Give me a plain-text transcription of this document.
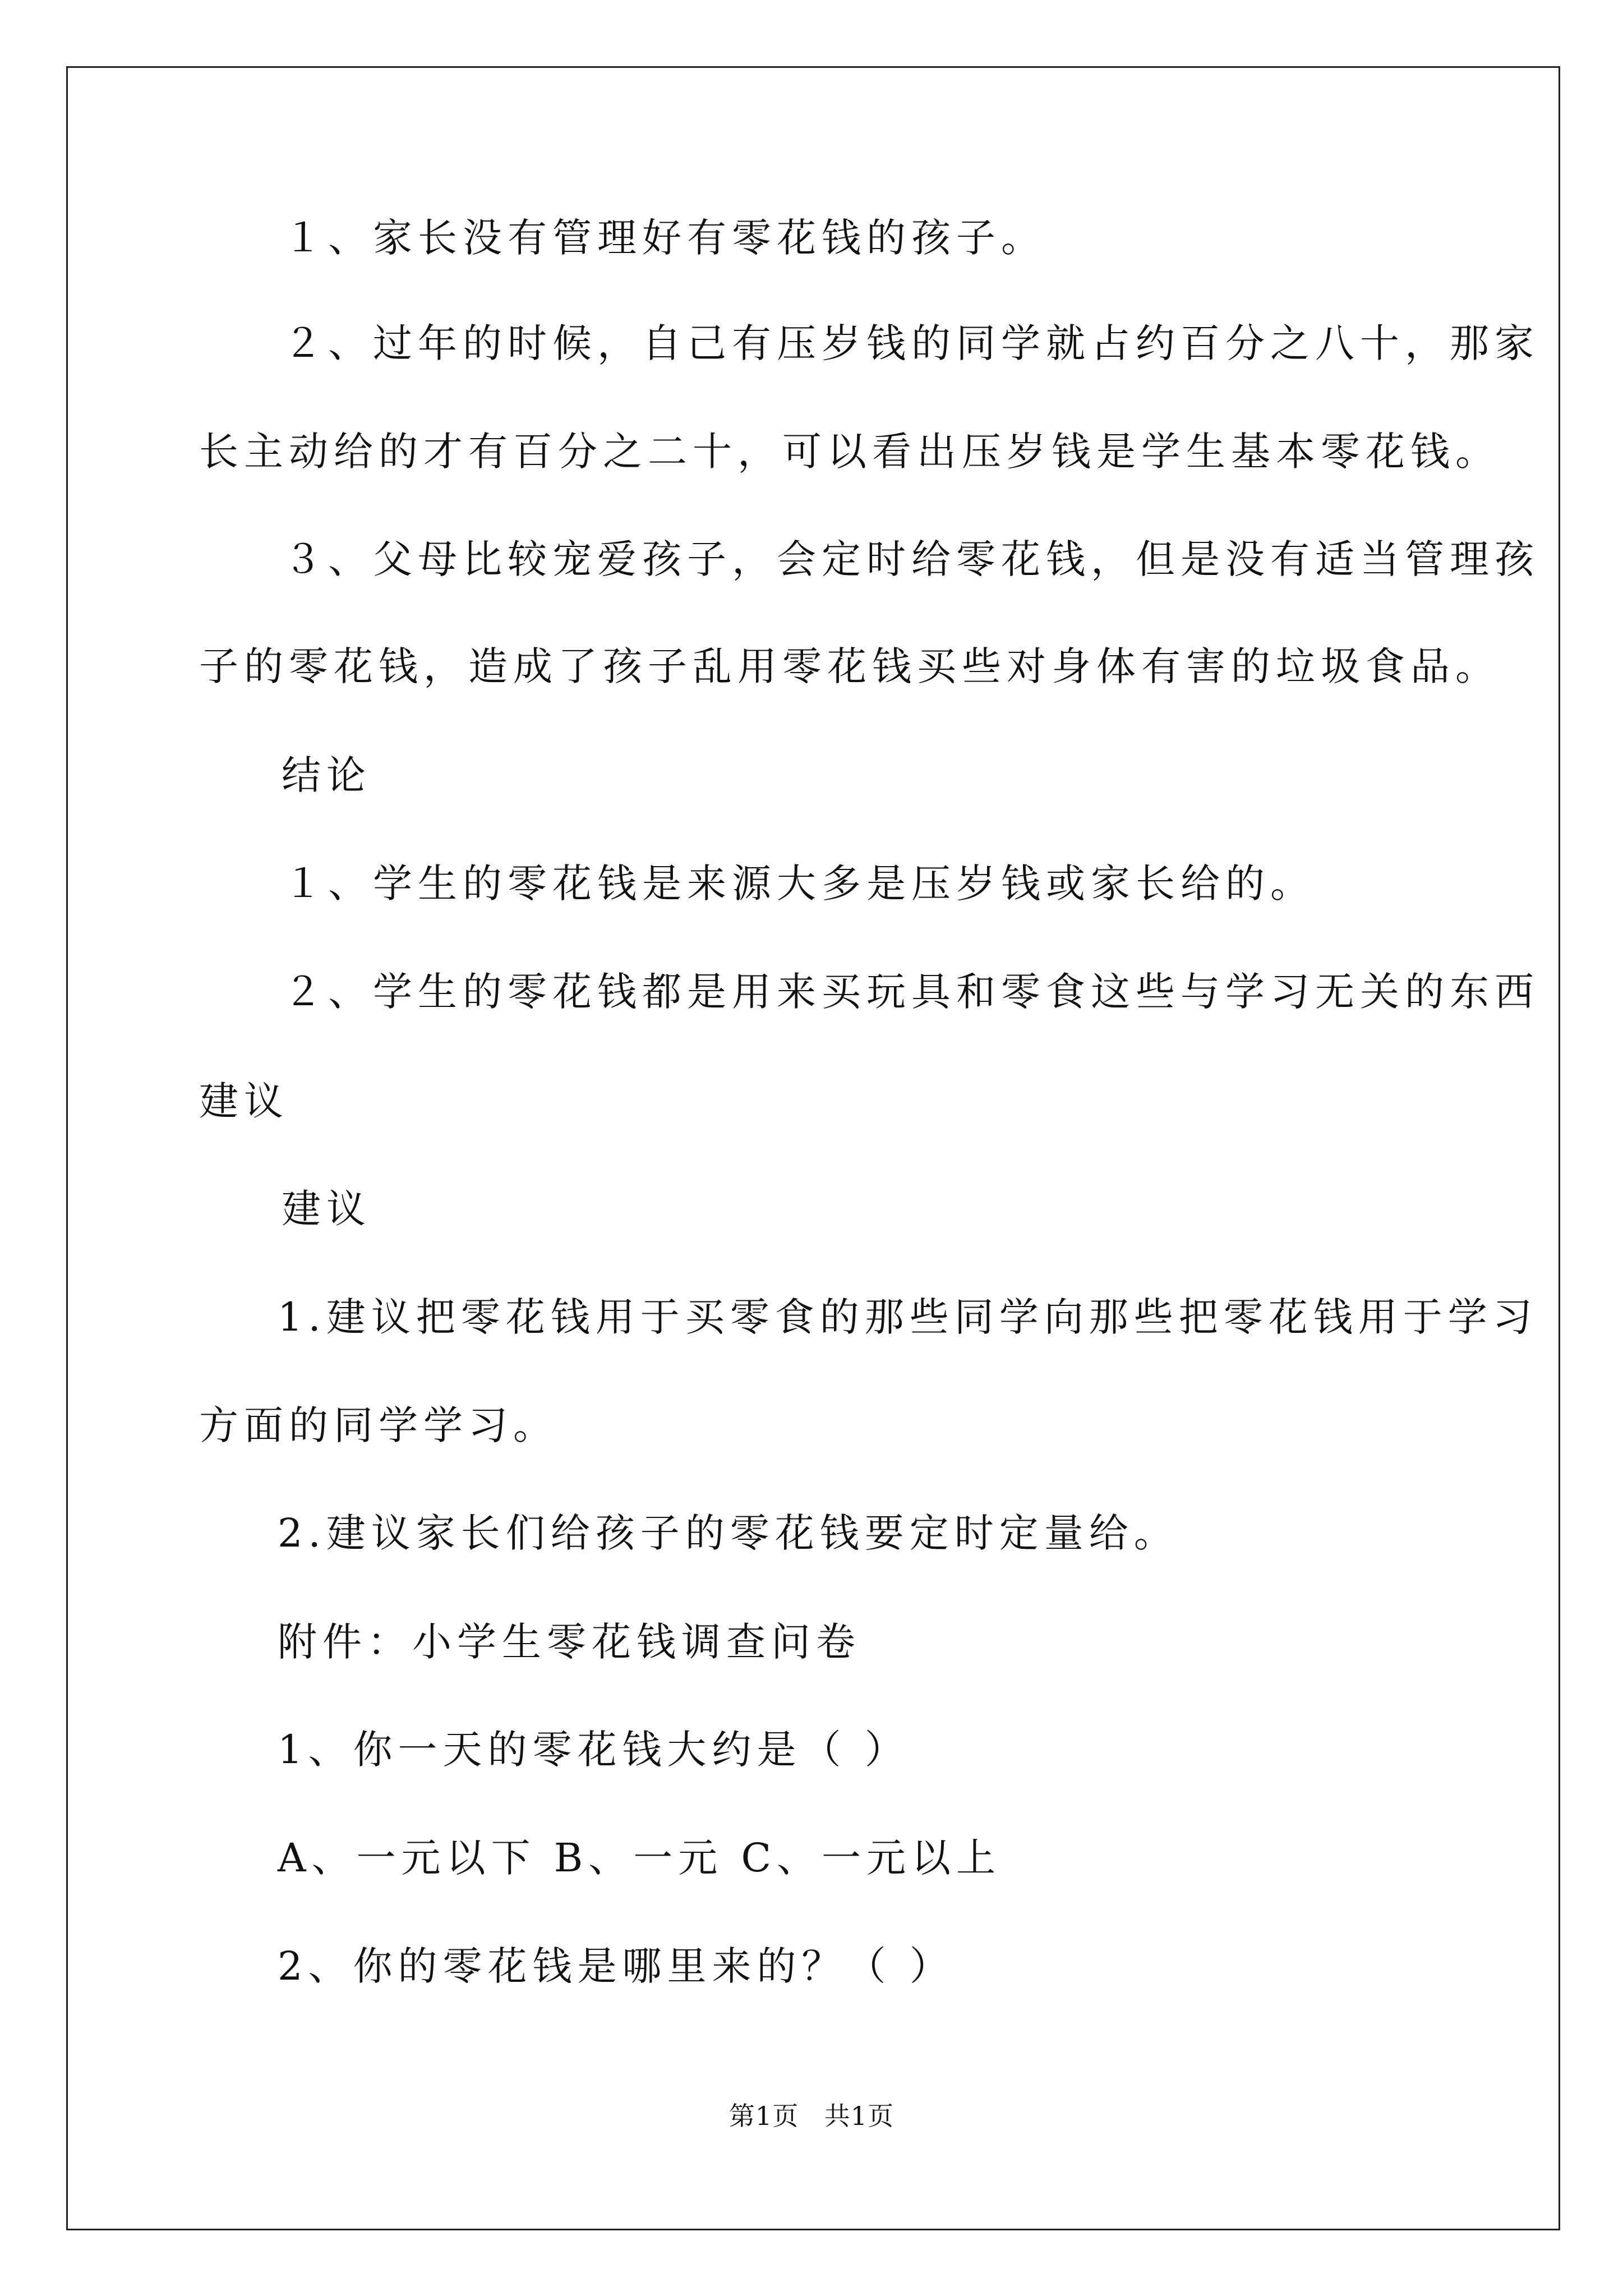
１、家长没有管理好有零花钱的孩子。

２、过年的时候，自己有压岁钱的同学就占约百分之八十，那家

长主动给的才有百分之二十，可以看出压岁钱是学生基本零花钱。

３、父母比较宠爱孩子，会定时给零花钱，但是没有适当管理孩

子的零花钱，造成了孩子乱用零花钱买些对身体有害的垃圾食品。

结论

１、学生的零花钱是来源大多是压岁钱或家长给的。

２、学生的零花钱都是用来买玩具和零食这些与学习无关的东西

建议

建议

1.建议把零花钱用于买零食的那些同学向那些把零花钱用于学习

方面的同学学习。

2.建议家长们给孩子的零花钱要定时定量给。

附件：小学生零花钱调查问卷

1、你一天的零花钱大约是（ ）

A、一元以下 B、一元 C、一元以上

2、你的零花钱是哪里来的？（ ）

第1页 共1页
